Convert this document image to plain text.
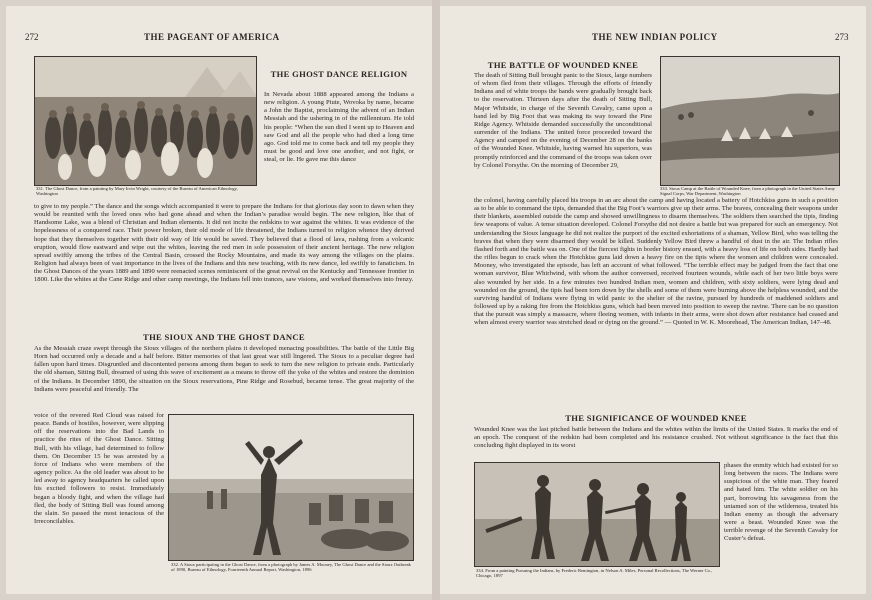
272	THE PAGEANT OF AMERICA
331. The Ghost Dance, from a painting by Mary Irvin Wright, courtesy of the Bureau of American Ethnology, Washington
THE GHOST DANCE RELIGION
In Nevada about 1888 appeared among the Indians a new religion. A young Piute, Wovoka by name, became a John the Baptist, proclaiming the advent of an Indian Messiah and the ushering in of the millennium. He told his people: “When the sun died I went up to Heaven and saw God and all the people who had died a long time ago. God told me to come back and tell my people they must be good and love one another, and not fight, or steal, or lie. He gave me this dance
to give to my people.” The dance and the songs which accompanied it were to prepare the Indians for that glorious day soon to dawn when they would be reunited with the loved ones who had gone ahead and when the Indian’s paradise would begin. The new religion, like that of Handsome Lake, was a blend of Christian and Indian elements. It did not incite the redskins to war against the whites. It was evidence of the hopelessness of a conquered race. Their power broken, their old mode of life threatened, the Indians turned to religion whence they derived hope that they themselves together with their old way of life would be saved. They believed that a flood of lava, rushing from a volcanic eruption, would flow eastward and wipe out the whites, leaving the red men in sole possession of their ancient heritage. The new religion spread swiftly among the tribes of the Central Basin, crossed the Rocky Mountains, and made its way among the villages on the plains. Religion had always been of vast importance in the lives of the Indians and this new teaching, with its new dance, led swiftly to fanaticism. In the Ghost Dances of the years 1889 and 1890 were reenacted scenes reminiscent of the great revival on the Kentucky and Tennessee frontier in 1800. Like the whites at the Cane Ridge and other camp meetings, the Indians fell into trances, saw visions, and worked themselves into frenzy.
THE SIOUX AND THE GHOST DANCE
As the Messiah craze swept through the Sioux villages of the northern plains it developed menacing possibilities. The battle of the Little Big Horn had occurred only a decade and a half before. Bitter memories of that last great war still lingered. The Sioux to a peculiar degree had fallen upon hard times. Disgruntled and discontented persons among them began to seek to turn the new religion to private ends. Particularly the old shaman, Sitting Bull, dreamed of using this wave of excitement as a means to throw off the yoke of the whites and restore the dominion of the Indians. In December 1890, the situation on the Sioux reservations, Pine Ridge and Rosebud, became tense. The great majority of the Indians were peaceful and friendly. The
voice of the revered Red Cloud was raised for peace. Bands of hostiles, however, were slipping off the reservations into the Bad Lands to practice the rites of the Ghost Dance. Sitting Bull, with his village, had determined to follow them. On December 15 he was arrested by a force of Indians who were members of the agency police. As the old leader was about to be led away to agency headquarters he called upon his excited followers to resist. Immediately began a bloody fight, and when the village had fled, the body of Sitting Bull was found among the slain. So passed the most tenacious of the Irreconcilables.
332. A Sioux participating in the Ghost Dance, from a photograph by James A. Mooney, The Ghost Dance and the Sioux Outbreak of 1890, Bureau of Ethnology, Fourteenth Annual Report, Washington, 1896
THE NEW INDIAN POLICY	273
THE BATTLE OF WOUNDED KNEE
The death of Sitting Bull brought panic to the Sioux, large numbers of whom fled from their villages. Through the efforts of friendly Indians and of white troops the bands were gradually brought back to the reservation. Thirteen days after the death of Sitting Bull, Major Whitside, in charge of the Seventh Cavalry, came upon a band led by Big Foot that was making its way toward the Pine Ridge Agency. Whitside demanded successfully the unconditional surrender of the Indians. The united force proceeded toward the Agency and camped on the evening of December 28 on the banks of the Wounded Knee. Whitside, having warned his superiors, was promptly reinforced and the command of the troops was taken over by Colonel Forsythe. On the morning of December 29,
333. Sioux Camp at the Battle of Wounded Knee, from a photograph in the United States Army Signal Corps, War Department, Washington
the colonel, having carefully placed his troops in an arc about the camp and having located a battery of Hotchkiss guns in such a position as to be able to command the tipis, demanded that the Big Foot’s warriors give up their arms. The braves, concealing their weapons under their blankets, assembled outside the camp and showed unwillingness to disarm themselves. The soldiers then searched the tipis, finding few weapons of value. A tense situation developed. Colonel Forsythe did not desire a battle but was prepared for such an emergency. Not understanding the Sioux language he did not realize the purport of the excited exhortations of a shaman, Yellow Bird, who was telling the braves that when they were disarmed they would be killed. Suddenly Yellow Bird threw a handful of dust in the air. The Indian rifles flashed forth and the battle was on. One of the fiercest fights in border history ensued, with a heavy loss of life on both sides. Hardly had the rifles begun to crack when the Hotchkiss guns laid down a heavy fire on the tipis where the women and children were concealed. Mooney, who investigated the episode, has left an account of what followed. “The terrible effect may be judged from the fact that one woman survivor, Blue Whirlwind, with whom the author conversed, received fourteen wounds, while each of her two little boys were also wounded by her side. In a few minutes two hundred Indian men, women and children, with sixty soldiers, were lying dead and wounded on the ground, the tipis had been torn down by the shells and some of them were burning above the helpless wounded, and the surviving handful of Indians were flying in wild panic to the shelter of the ravine, pursued by hundreds of maddened soldiers and followed up by a raking fire from the Hotchkiss guns, which had been moved into position to sweep the ravine. There can be no question that the pursuit was simply a massacre, where fleeing women, with infants in their arms, were shot down after resistance had ceased and when almost every warrior was stretched dead or dying on the ground.” — Quoted in W. K. Moorehead, The American Indian, 147–48.
THE SIGNIFICANCE OF WOUNDED KNEE
Wounded Knee was the last pitched battle between the Indians and the whites within the limits of the United States. It marks the end of an epoch. The conquest of the redskin had been completed and his resistance crushed. Not without significance is the fact that this concluding fight displayed in its worst
334. From a painting Pursuing the Indians, by Frederic Remington, in Nelson A. Miles, Personal Recollections, The Werner Co., Chicago, 1897
phases the enmity which had existed for so long between the races. The Indians were suspicious of the white man. They feared and hated him. The white soldier on his part, borrowing his savageness from the untamed son of the wilderness, treated his Indian enemy as though the adversary were a beast. Wounded Knee was the terrible revenge of the Seventh Cavalry for Custer’s defeat.
